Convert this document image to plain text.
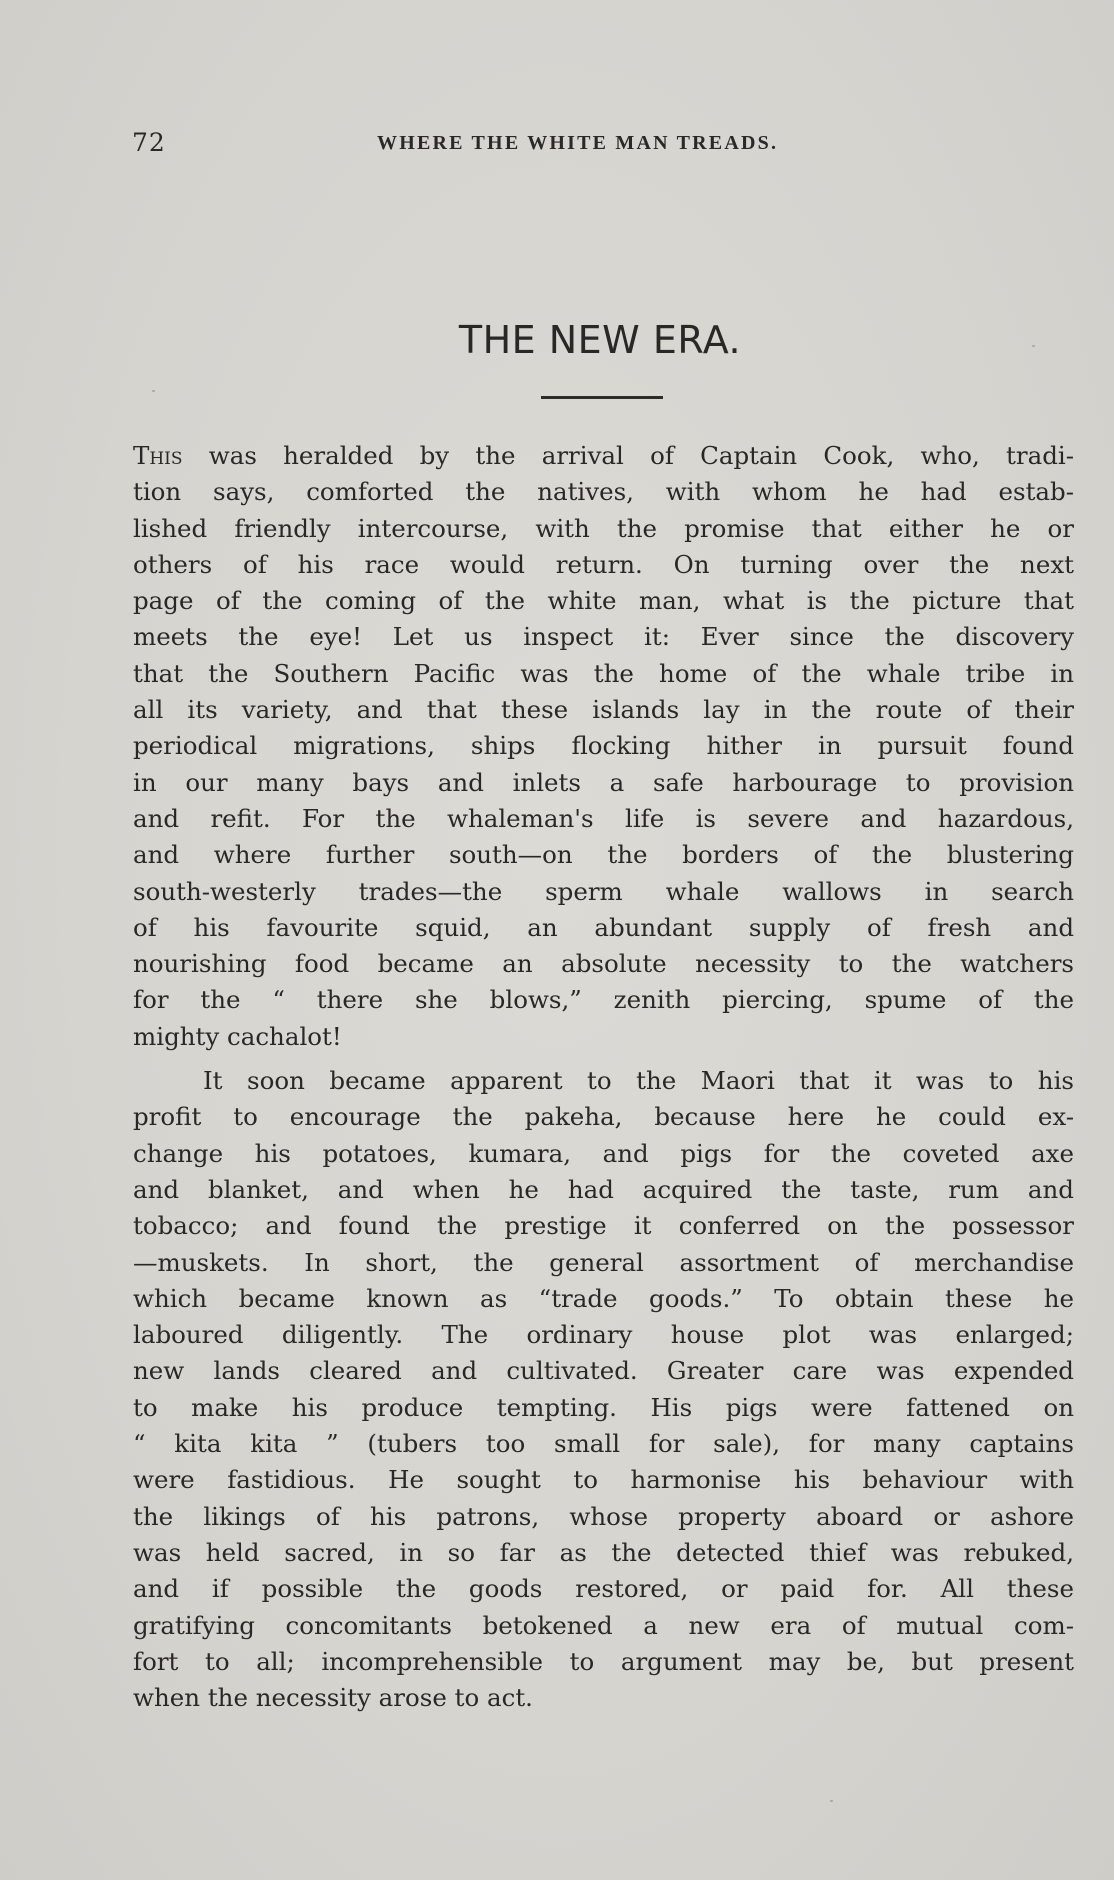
72	WHERE THE WHITE MAN TREADS.
THE NEW ERA.

This was heralded by the arrival of Captain Cook, who, tradi-
tion says, comforted the natives, with whom he had estab-
lished friendly intercourse, with the promise that either he or
others of his race would return. On turning over the next
page of the coming of the white man, what is the picture that
meets the eye! Let us inspect it: Ever since the discovery
that the Southern Pacific was the home of the whale tribe in
all its variety, and that these islands lay in the route of their
periodical migrations, ships flocking hither in pursuit found
in our many bays and inlets a safe harbourage to provision
and refit. For the whaleman's life is severe and hazardous,
and where further south—on the borders of the blustering
south-westerly trades—the sperm whale wallows in search
of his favourite squid, an abundant supply of fresh and
nourishing food became an absolute necessity to the watchers
for the “ there she blows,” zenith piercing, spume of the
mighty cachalot!

It soon became apparent to the Maori that it was to his
profit to encourage the pakeha, because here he could ex-
change his potatoes, kumara, and pigs for the coveted axe
and blanket, and when he had acquired the taste, rum and
tobacco; and found the prestige it conferred on the possessor
—muskets. In short, the general assortment of merchandise
which became known as “trade goods.” To obtain these he
laboured diligently. The ordinary house plot was enlarged;
new lands cleared and cultivated. Greater care was expended
to make his produce tempting. His pigs were fattened on
“ kita kita ” (tubers too small for sale), for many captains
were fastidious. He sought to harmonise his behaviour with
the likings of his patrons, whose property aboard or ashore
was held sacred, in so far as the detected thief was rebuked,
and if possible the goods restored, or paid for. All these
gratifying concomitants betokened a new era of mutual com-
fort to all; incomprehensible to argument may be, but present
when the necessity arose to act.
